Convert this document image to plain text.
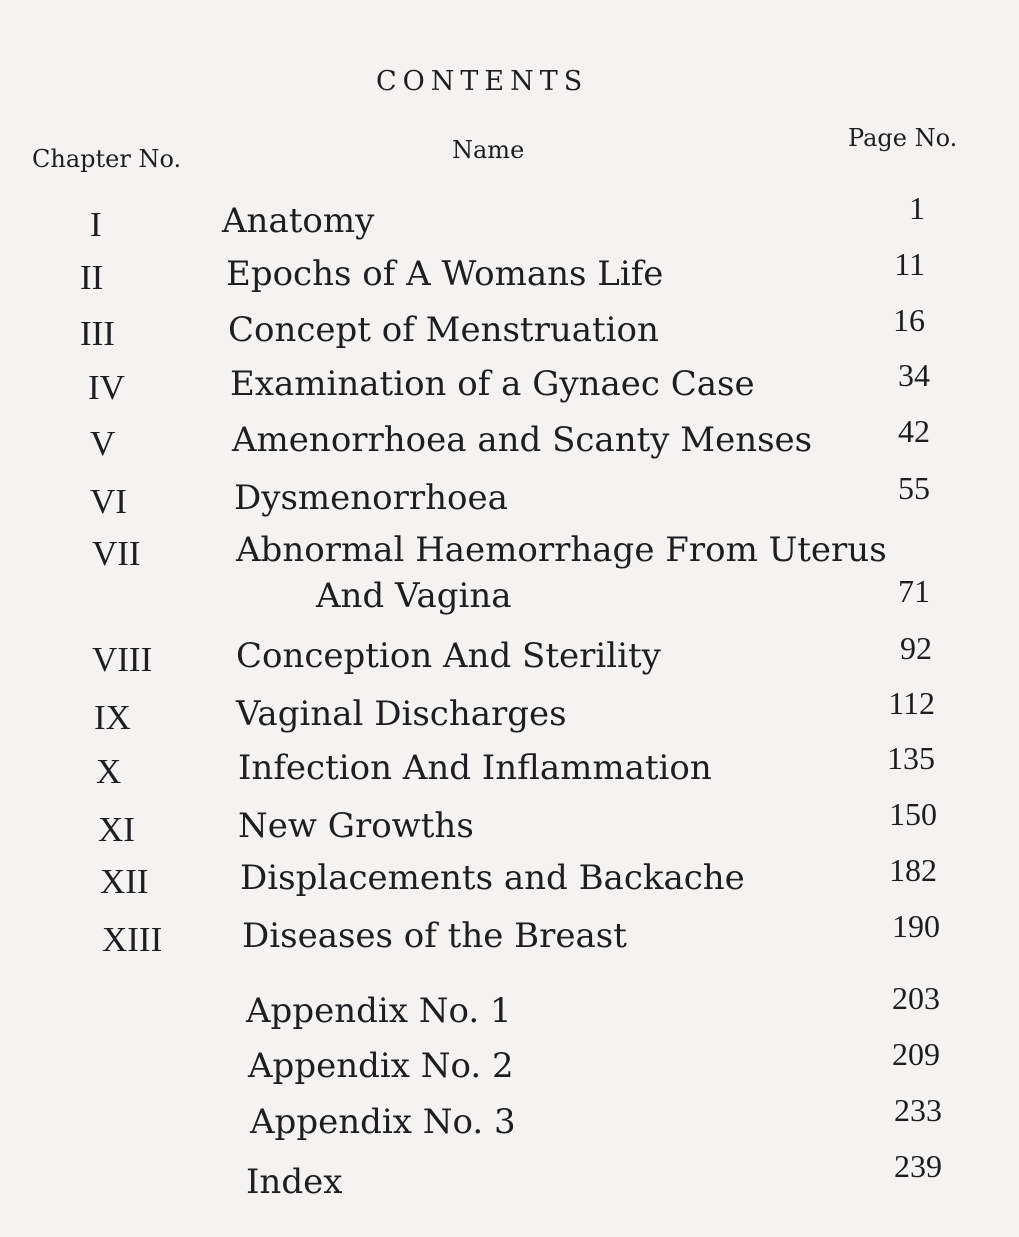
CONTENTS
Chapter No.	Name	Page No.
I	Anatomy	1
II	Epochs of A Womans Life	11
III	Concept of Menstruation	16
IV	Examination of a Gynaec Case	34
V	Amenorrhoea and Scanty Menses	42
VI	Dysmenorrhoea	55
VII	Abnormal Haemorrhage From Uterus
And Vagina	71
VIII Conception And Sterility	92
IX	Vaginal Discharges	112
X	Infection And Inflammation	135
XI	New Growths	150
XII	Displacements and Backache	182
XIII Diseases of the Breast	190
Appendix No. 1	203
Appendix No. 2	209
Appendix No. 3	233
Index	239
